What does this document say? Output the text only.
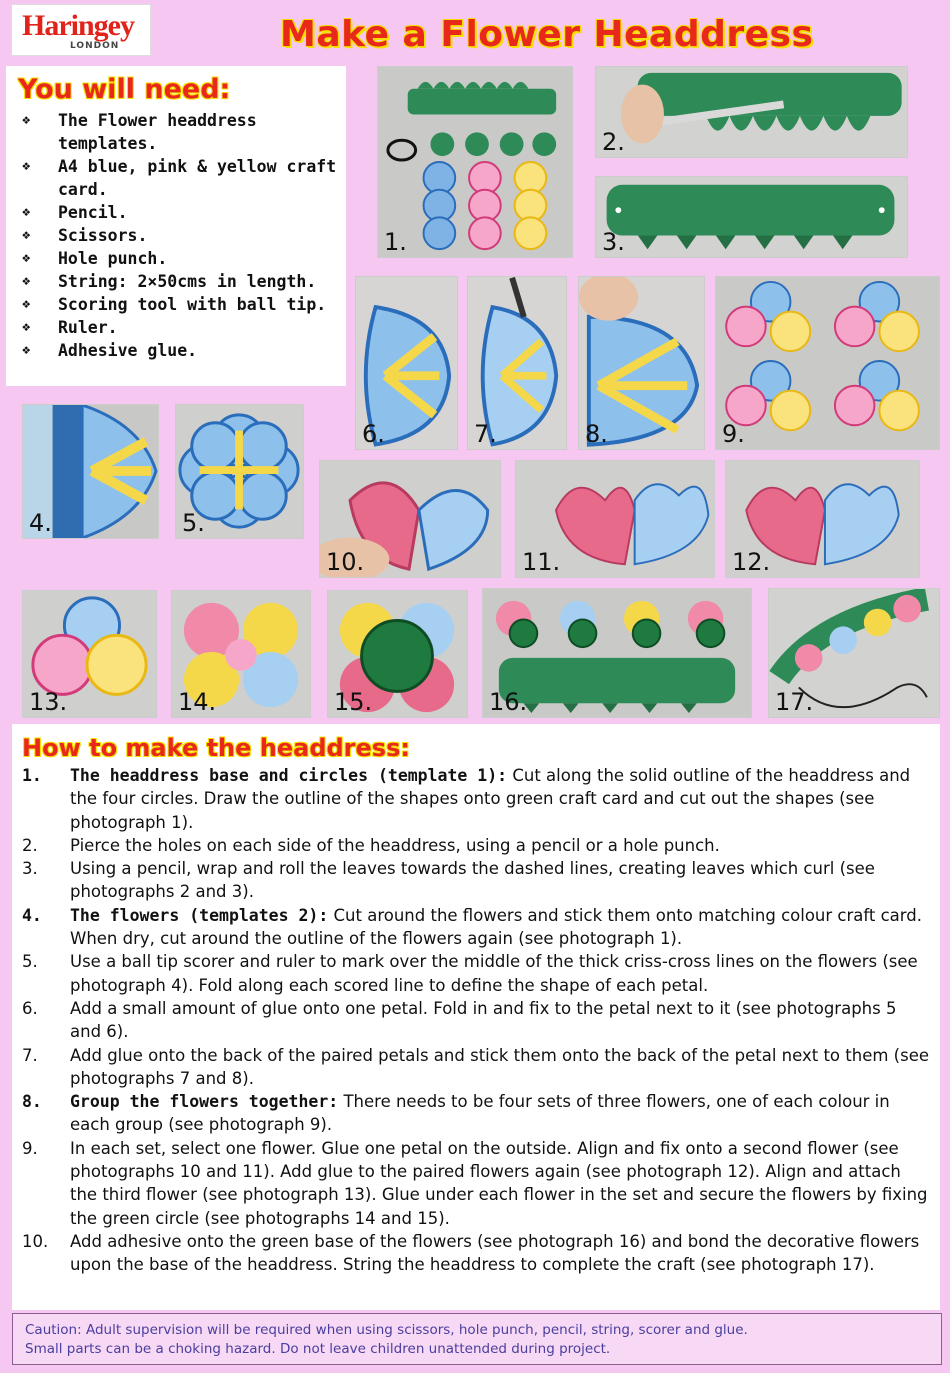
Haringey
LONDON	Make a Flower Headdress
You will need:
❖ The Flower headdress templates.
❖ A4 blue, pink & yellow craft card.
❖ Pencil.
❖ Scissors.
❖ Hole punch.
❖ String: 2×50cms in length.
❖ Scoring tool with ball tip.
❖ Ruler.
❖ Adhesive glue.
1.
2.
3.
4.	5.
6.	7.	8.	9.
10.	11.	12.
13.	14.	15.	16.	17.
How to make the headdress:
1. The headdress base and circles (template 1): Cut along the solid outline of the headdress and the four circles. Draw the outline of the shapes onto green craft card and cut out the shapes (see photograph 1).
2. Pierce the holes on each side of the headdress, using a pencil or a hole punch.
3. Using a pencil, wrap and roll the leaves towards the dashed lines, creating leaves which curl (see photographs 2 and 3).
4. The flowers (templates 2): Cut around the flowers and stick them onto matching colour craft card. When dry, cut around the outline of the flowers again (see photograph 1).
5. Use a ball tip scorer and ruler to mark over the middle of the thick criss-cross lines on the flowers (see photograph 4). Fold along each scored line to define the shape of each petal.
6. Add a small amount of glue onto one petal. Fold in and fix to the petal next to it (see photographs 5 and 6).
7. Add glue onto the back of the paired petals and stick them onto the back of the petal next to them (see photographs 7 and 8).
8. Group the flowers together: There needs to be four sets of three flowers, one of each colour in each group (see photograph 9).
9. In each set, select one flower. Glue one petal on the outside. Align and fix onto a second flower (see photographs 10 and 11). Add glue to the paired flowers again (see photograph 12). Align and attach the third flower (see photograph 13). Glue under each flower in the set and secure the flowers by fixing the green circle (see photographs 14 and 15).
10. Add adhesive onto the green base of the flowers (see photograph 16) and bond the decorative flowers upon the base of the headdress. String the headdress to complete the craft (see photograph 17).
Caution: Adult supervision will be required when using scissors, hole punch, pencil, string, scorer and glue.
Small parts can be a choking hazard. Do not leave children unattended during project.
